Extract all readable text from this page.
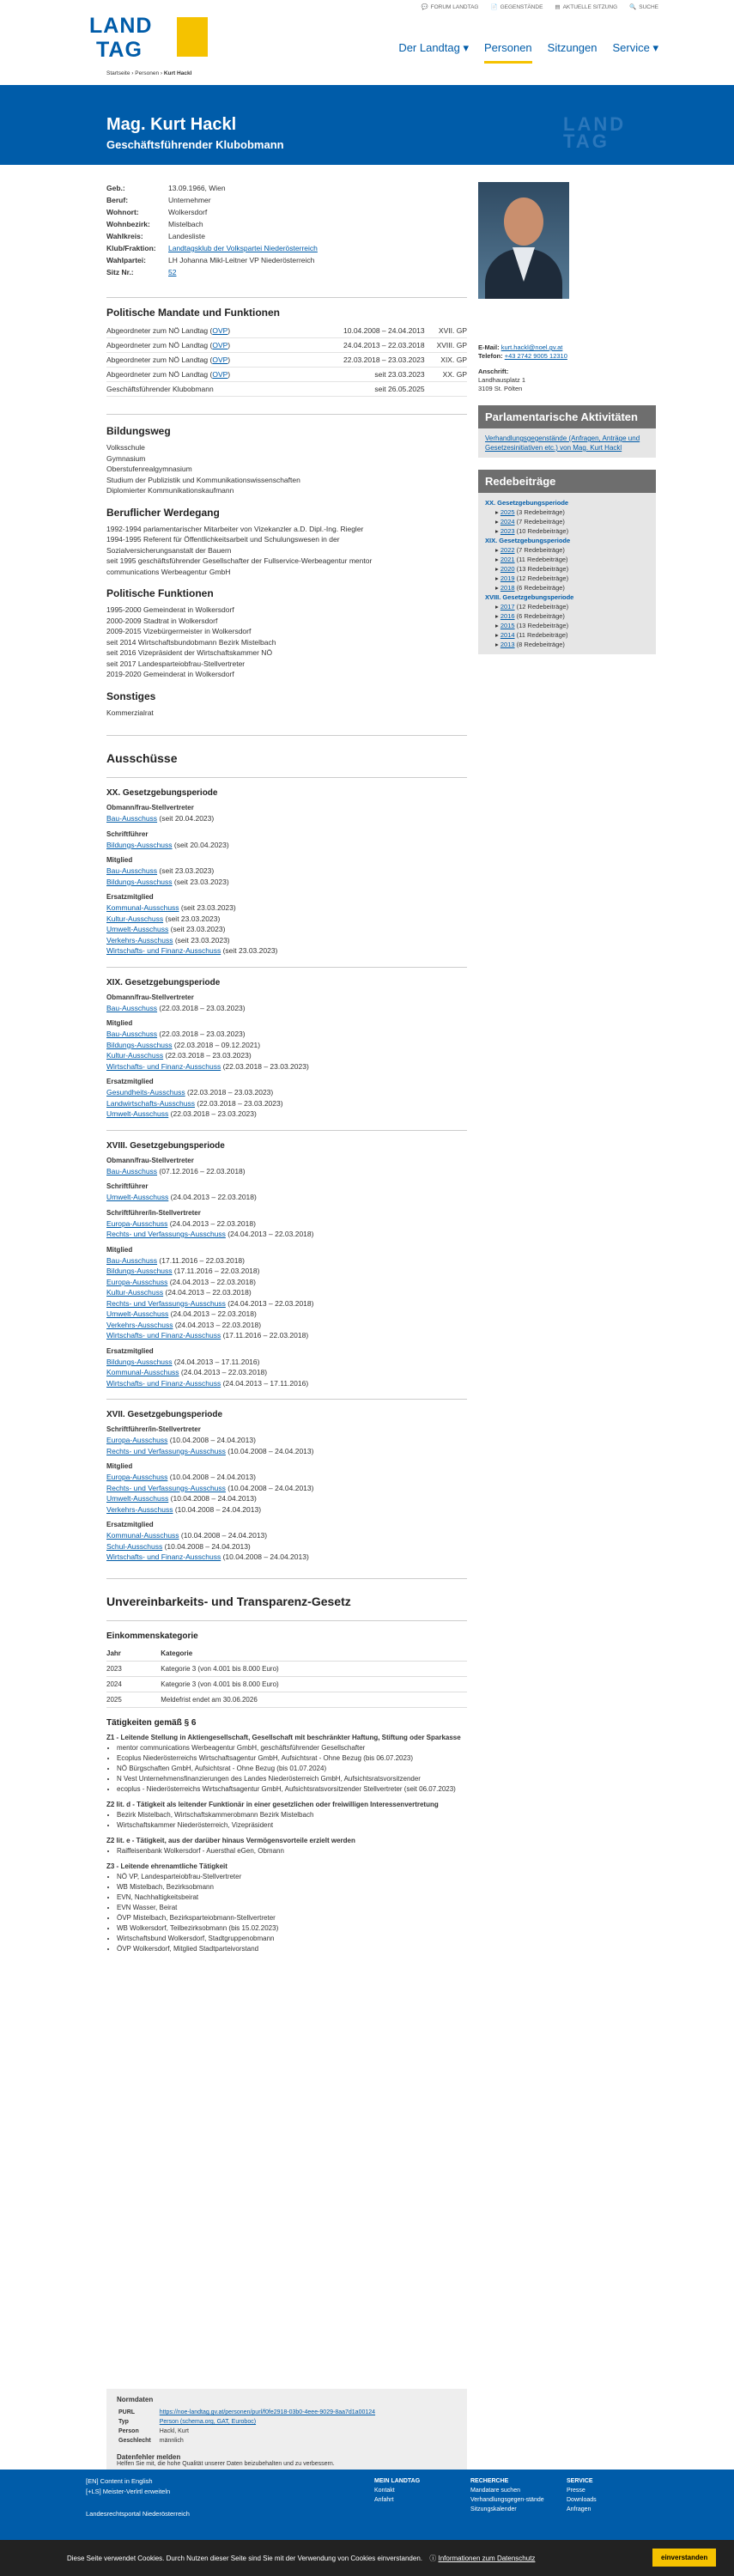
LAND
TAG
💬 FORUM LANDTAG 📄 GEGENSTÄNDE ▤ AKTUELLE SITZUNG 🔍 SUCHE
Der Landtag ▾ Personen Sitzungen Service ▾
Startseite › Personen › Kurt Hackl
Mag. Kurt Hackl
Geschäftsführender Klubobmann
LAND
TAG
Geb.:	13.09.1966, Wien
Beruf:	Unternehmer
Wohnort:	Wolkersdorf
Wohnbezirk:	Mistelbach
Wahlkreis:	Landesliste
Klub/Fraktion:	Landtagsklub der Volkspartei Niederösterreich
Wahlpartei:	LH Johanna Mikl-Leitner VP Niederösterreich
Sitz Nr.:	52
Politische Mandate und Funktionen
Abgeordneter zum NÖ Landtag (OVP)	10.04.2008 – 24.04.2013	XVII. GP
Abgeordneter zum NÖ Landtag (OVP)	24.04.2013 – 22.03.2018	XVIII. GP
Abgeordneter zum NÖ Landtag (OVP)	22.03.2018 – 23.03.2023	XIX. GP
Abgeordneter zum NÖ Landtag (OVP)	seit 23.03.2023	XX. GP
Geschäftsführender Klubobmann	seit 26.05.2025	
Bildungsweg
Volksschule
Gymnasium
Oberstufenrealgymnasium
Studium der Publizistik und Kommunikationswissenschaften
Diplomierter Kommunikationskaufmann
Beruflicher Werdegang
1992-1994 parlamentarischer Mitarbeiter von Vizekanzler a.D. Dipl.-Ing. Riegler
1994-1995 Referent für Öffentlichkeitsarbeit und Schulungswesen in der
Sozialversicherungsanstalt der Bauern
seit 1995 geschäftsführender Gesellschafter der Fullservice-Werbeagentur mentor
communications Werbeagentur GmbH
Politische Funktionen
1995-2000 Gemeinderat in Wolkersdorf
2000-2009 Stadtrat in Wolkersdorf
2009-2015 Vizebürgermeister in Wolkersdorf
seit 2014 Wirtschaftsbundobmann Bezirk Mistelbach
seit 2016 Vizepräsident der Wirtschaftskammer NÖ
seit 2017 Landesparteiobfrau-Stellvertreter
2019-2020 Gemeinderat in Wolkersdorf
Sonstiges
Kommerzialrat
Ausschüsse
XX. Gesetzgebungsperiode
Obmann/frau-Stellvertreter
Bau-Ausschuss (seit 20.04.2023)
Schriftführer
Bildungs-Ausschuss (seit 20.04.2023)
Mitglied
Bau-Ausschuss (seit 23.03.2023)
Bildungs-Ausschuss (seit 23.03.2023)
Ersatzmitglied
Kommunal-Ausschuss (seit 23.03.2023)
Kultur-Ausschuss (seit 23.03.2023)
Umwelt-Ausschuss (seit 23.03.2023)
Verkehrs-Ausschuss (seit 23.03.2023)
Wirtschafts- und Finanz-Ausschuss (seit 23.03.2023)
XIX. Gesetzgebungsperiode
Obmann/frau-Stellvertreter
Bau-Ausschuss (22.03.2018 – 23.03.2023)
Mitglied
Bau-Ausschuss (22.03.2018 – 23.03.2023)
Bildungs-Ausschuss (22.03.2018 – 09.12.2021)
Kultur-Ausschuss (22.03.2018 – 23.03.2023)
Wirtschafts- und Finanz-Ausschuss (22.03.2018 – 23.03.2023)
Ersatzmitglied
Gesundheits-Ausschuss (22.03.2018 – 23.03.2023)
Landwirtschafts-Ausschuss (22.03.2018 – 23.03.2023)
Umwelt-Ausschuss (22.03.2018 – 23.03.2023)
XVIII. Gesetzgebungsperiode
Obmann/frau-Stellvertreter
Bau-Ausschuss (07.12.2016 – 22.03.2018)
Schriftführer
Umwelt-Ausschuss (24.04.2013 – 22.03.2018)
Schriftführer/in-Stellvertreter
Europa-Ausschuss (24.04.2013 – 22.03.2018)
Rechts- und Verfassungs-Ausschuss (24.04.2013 – 22.03.2018)
Mitglied
Bau-Ausschuss (17.11.2016 – 22.03.2018)
Bildungs-Ausschuss (17.11.2016 – 22.03.2018)
Europa-Ausschuss (24.04.2013 – 22.03.2018)
Kultur-Ausschuss (24.04.2013 – 22.03.2018)
Rechts- und Verfassungs-Ausschuss (24.04.2013 – 22.03.2018)
Umwelt-Ausschuss (24.04.2013 – 22.03.2018)
Verkehrs-Ausschuss (24.04.2013 – 22.03.2018)
Wirtschafts- und Finanz-Ausschuss (17.11.2016 – 22.03.2018)
Ersatzmitglied
Bildungs-Ausschuss (24.04.2013 – 17.11.2016)
Kommunal-Ausschuss (24.04.2013 – 22.03.2018)
Wirtschafts- und Finanz-Ausschuss (24.04.2013 – 17.11.2016)
XVII. Gesetzgebungsperiode
Schriftführer/in-Stellvertreter
Europa-Ausschuss (10.04.2008 – 24.04.2013)
Rechts- und Verfassungs-Ausschuss (10.04.2008 – 24.04.2013)
Mitglied
Europa-Ausschuss (10.04.2008 – 24.04.2013)
Rechts- und Verfassungs-Ausschuss (10.04.2008 – 24.04.2013)
Umwelt-Ausschuss (10.04.2008 – 24.04.2013)
Verkehrs-Ausschuss (10.04.2008 – 24.04.2013)
Ersatzmitglied
Kommunal-Ausschuss (10.04.2008 – 24.04.2013)
Schul-Ausschuss (10.04.2008 – 24.04.2013)
Wirtschafts- und Finanz-Ausschuss (10.04.2008 – 24.04.2013)
Unvereinbarkeits- und Transparenz-Gesetz
Einkommenskategorie
Jahr	Kategorie
2023	Kategorie 3 (von 4.001 bis 8.000 Euro)
2024	Kategorie 3 (von 4.001 bis 8.000 Euro)
2025	Meldefrist endet am 30.06.2026
Tätigkeiten gemäß § 6
Z1 - Leitende Stellung in Aktiengesellschaft, Gesellschaft mit beschränkter Haftung, Stiftung oder Sparkasse
• mentor communications Werbeagentur GmbH, geschäftsführender Gesellschafter
• Ecoplus Niederösterreichs Wirtschaftsagentur GmbH, Aufsichtsrat - Ohne Bezug (bis 06.07.2023)
• NÖ Bürgschaften GmbH, Aufsichtsrat - Ohne Bezug (bis 01.07.2024)
• N Vest Unternehmensfinanzierungen des Landes Niederösterreich GmbH, Aufsichtsratsvorsitzender
• ecoplus - Niederösterreichs Wirtschaftsagentur GmbH, Aufsichtsratsvorsitzender Stellvertreter (seit 06.07.2023)
Z2 lit. d - Tätigkeit als leitender Funktionär in einer gesetzlichen oder freiwilligen Interessenvertretung
• Bezirk Mistelbach, Wirtschaftskammerobmann Bezirk Mistelbach
• Wirtschaftskammer Niederösterreich, Vizepräsident
Z2 lit. e - Tätigkeit, aus der darüber hinaus Vermögensvorteile erzielt werden
• Raiffeisenbank Wolkersdorf - Auersthal eGen, Obmann
Z3 - Leitende ehrenamtliche Tätigkeit
• NÖ VP, Landesparteiobfrau-Stellvertreter
• WB Mistelbach, Bezirksobmann
• EVN, Nachhaltigkeitsbeirat
• EVN Wasser, Beirat
• ÖVP Mistelbach, Bezirksparteiobmann-Stellvertreter
• WB Wolkersdorf, Teilbezirksobmann (bis 15.02.2023)
• Wirtschaftsbund Wolkersdorf, Stadtgruppenobmann
• ÖVP Wolkersdorf, Mitglied Stadtparteivorstand
E-Mail: kurt.hackl@noel.gv.at
Telefon: +43 2742 9005 12310
Anschrift:
Landhausplatz 1
3109 St. Pölten
Parlamentarische Aktivitäten
Verhandlungsgegenstände (Anfragen, Anträge und Gesetzesinitiativen etc.) von Mag. Kurt Hackl
Redebeiträge
XX. Gesetzgebungsperiode
▸ 2025 (3 Redebeiträge)
▸ 2024 (7 Redebeiträge)
▸ 2023 (10 Redebeiträge)
XIX. Gesetzgebungsperiode
▸ 2022 (7 Redebeiträge)
▸ 2021 (11 Redebeiträge)
▸ 2020 (13 Redebeiträge)
▸ 2019 (12 Redebeiträge)
▸ 2018 (6 Redebeiträge)
XVIII. Gesetzgebungsperiode
▸ 2017 (12 Redebeiträge)
▸ 2016 (6 Redebeiträge)
▸ 2015 (13 Redebeiträge)
▸ 2014 (11 Redebeiträge)
▸ 2013 (8 Redebeiträge)
Normdaten
PURL	https://noe-landtag.gv.at/personen/purl/f0fe2918-03b0-4eee-9029-8aa7d1a00124
Typ	Person (schema.org, GAT, Euroboc)
Person	Hackl, Kurt
Geschlecht	männlich
Datenfehler melden
Helfen Sie mit, die hohe Qualität unserer Daten beizubehalten und zu verbessern.
[EN] Content in English
[+LS] Meister-Verlrtl erweiteln
Landesrechtsportal Niederösterreich
MEIN LANDTAG
Kontakt
Anfahrt
RECHERCHE
Mandatare suchen
Verhandlungsgegen-stände
Sitzungskalender
SERVICE
Presse
Downloads
Anfragen
Diese Seite verwendet Cookies. Durch Nutzen dieser Seite sind Sie mit der Verwendung von Cookies einverstanden. ⓘ Informationen zum Datenschutz	einverstanden
